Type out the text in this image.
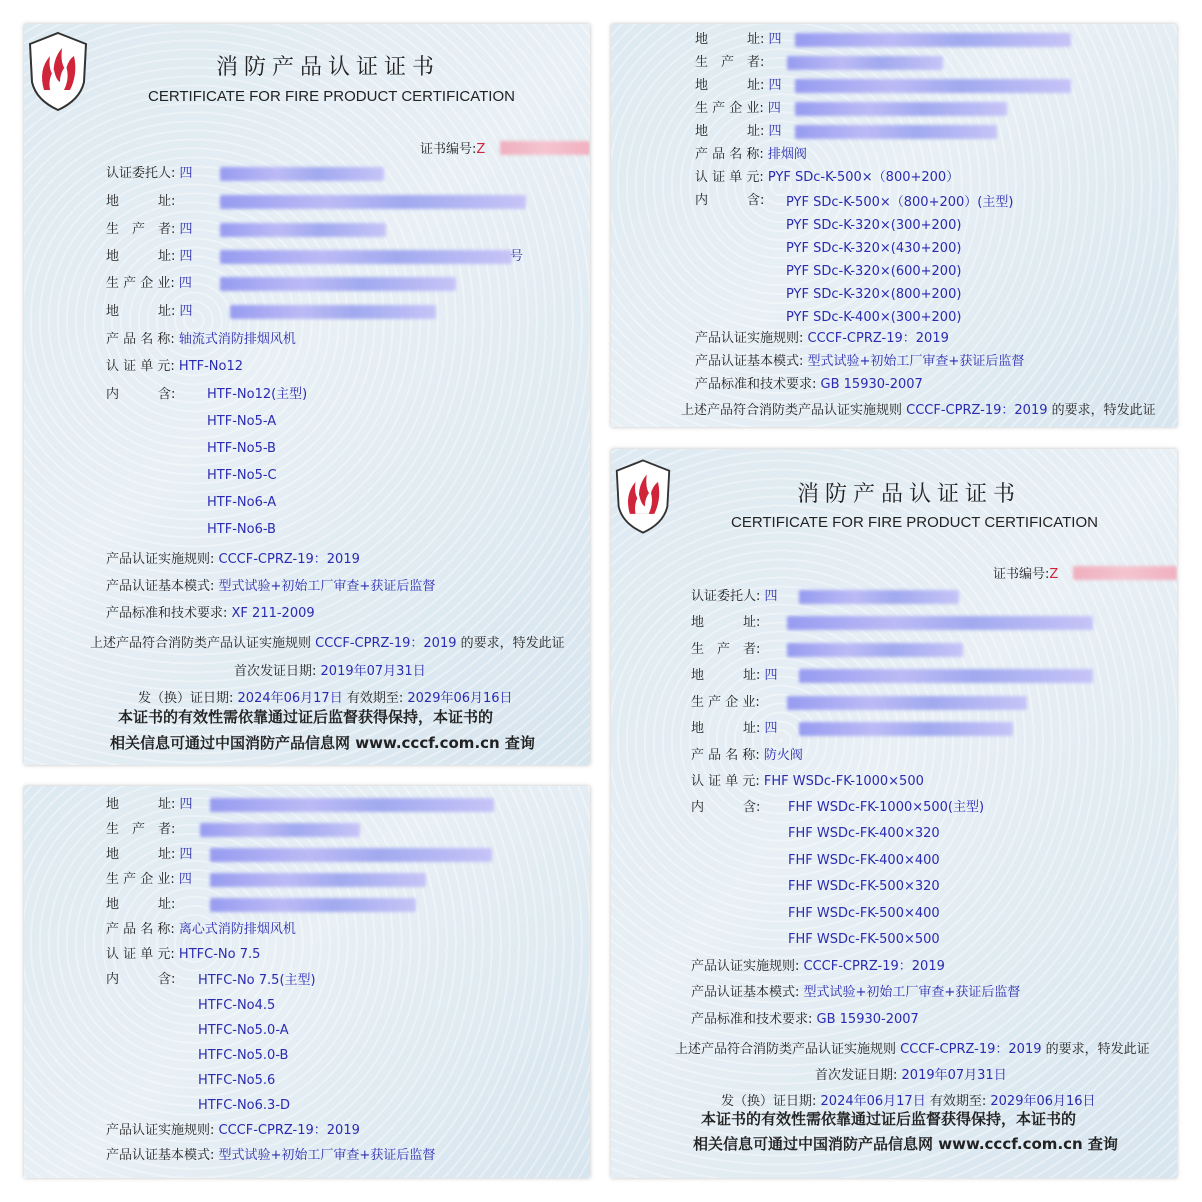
消防产品认证证书
CERTIFICATE FOR FIRE PRODUCT CERTIFICATION
证书编号:Z
认证委托人: 四
地　　　址:
生　产　者: 四
地　　　址: 四	号
生 产 企 业: 四
地　　　址: 四
产 品 名 称: 轴流式消防排烟风机
认 证 单 元: HTF-No12
内　　　含: HTF-No12(主型)
HTF-No5-A
HTF-No5-B
HTF-No5-C
HTF-No6-A
HTF-No6-B
产品认证实施规则: CCCF-CPRZ-19：2019
产品认证基本模式: 型式试验+初始工厂审查+获证后监督
产品标准和技术要求: XF 211-2009
上述产品符合消防类产品认证实施规则 CCCF-CPRZ-19：2019 的要求，特发此证
首次发证日期: 2019年07月31日
发（换）证日期: 2024年06月17日 有效期至: 2029年06月16日
本证书的有效性需依靠通过证后监督获得保持，本证书的
相关信息可通过中国消防产品信息网 www.cccf.com.cn 查询
地　　　址: 四
生　产　者:
地　　　址: 四
生 产 企 业: 四
地　　　址: 四
产 品 名 称: 排烟阀
认 证 单 元: PYF SDc-K-500×（800+200）
内　　　含: PYF SDc-K-500×（800+200）(主型)
PYF SDc-K-320×(300+200)
PYF SDc-K-320×(430+200)
PYF SDc-K-320×(600+200)
PYF SDc-K-320×(800+200)
PYF SDc-K-400×(300+200)
产品认证实施规则: CCCF-CPRZ-19：2019
产品认证基本模式: 型式试验+初始工厂审查+获证后监督
产品标准和技术要求: GB 15930-2007
上述产品符合消防类产品认证实施规则 CCCF-CPRZ-19：2019 的要求，特发此证
地　　　址: 四
生　产　者:
地　　　址: 四
生 产 企 业: 四
地　　　址:
产 品 名 称: 离心式消防排烟风机
认 证 单 元: HTFC-No 7.5
内　　　含: HTFC-No 7.5(主型)
HTFC-No4.5
HTFC-No5.0-A
HTFC-No5.0-B
HTFC-No5.6
HTFC-No6.3-D
产品认证实施规则: CCCF-CPRZ-19：2019
产品认证基本模式: 型式试验+初始工厂审查+获证后监督
消防产品认证证书
CERTIFICATE FOR FIRE PRODUCT CERTIFICATION
证书编号:Z
认证委托人: 四
地　　　址:
生　产　者:
地　　　址: 四
生 产 企 业:
地　　　址: 四
产 品 名 称: 防火阀
认 证 单 元: FHF WSDc-FK-1000×500
内　　　含: FHF WSDc-FK-1000×500(主型)
FHF WSDc-FK-400×320
FHF WSDc-FK-400×400
FHF WSDc-FK-500×320
FHF WSDc-FK-500×400
FHF WSDc-FK-500×500
产品认证实施规则: CCCF-CPRZ-19：2019
产品认证基本模式: 型式试验+初始工厂审查+获证后监督
产品标准和技术要求: GB 15930-2007
上述产品符合消防类产品认证实施规则 CCCF-CPRZ-19：2019 的要求，特发此证
首次发证日期: 2019年07月31日
发（换）证日期: 2024年06月17日 有效期至: 2029年06月16日
本证书的有效性需依靠通过证后监督获得保持，本证书的
相关信息可通过中国消防产品信息网 www.cccf.com.cn 查询
